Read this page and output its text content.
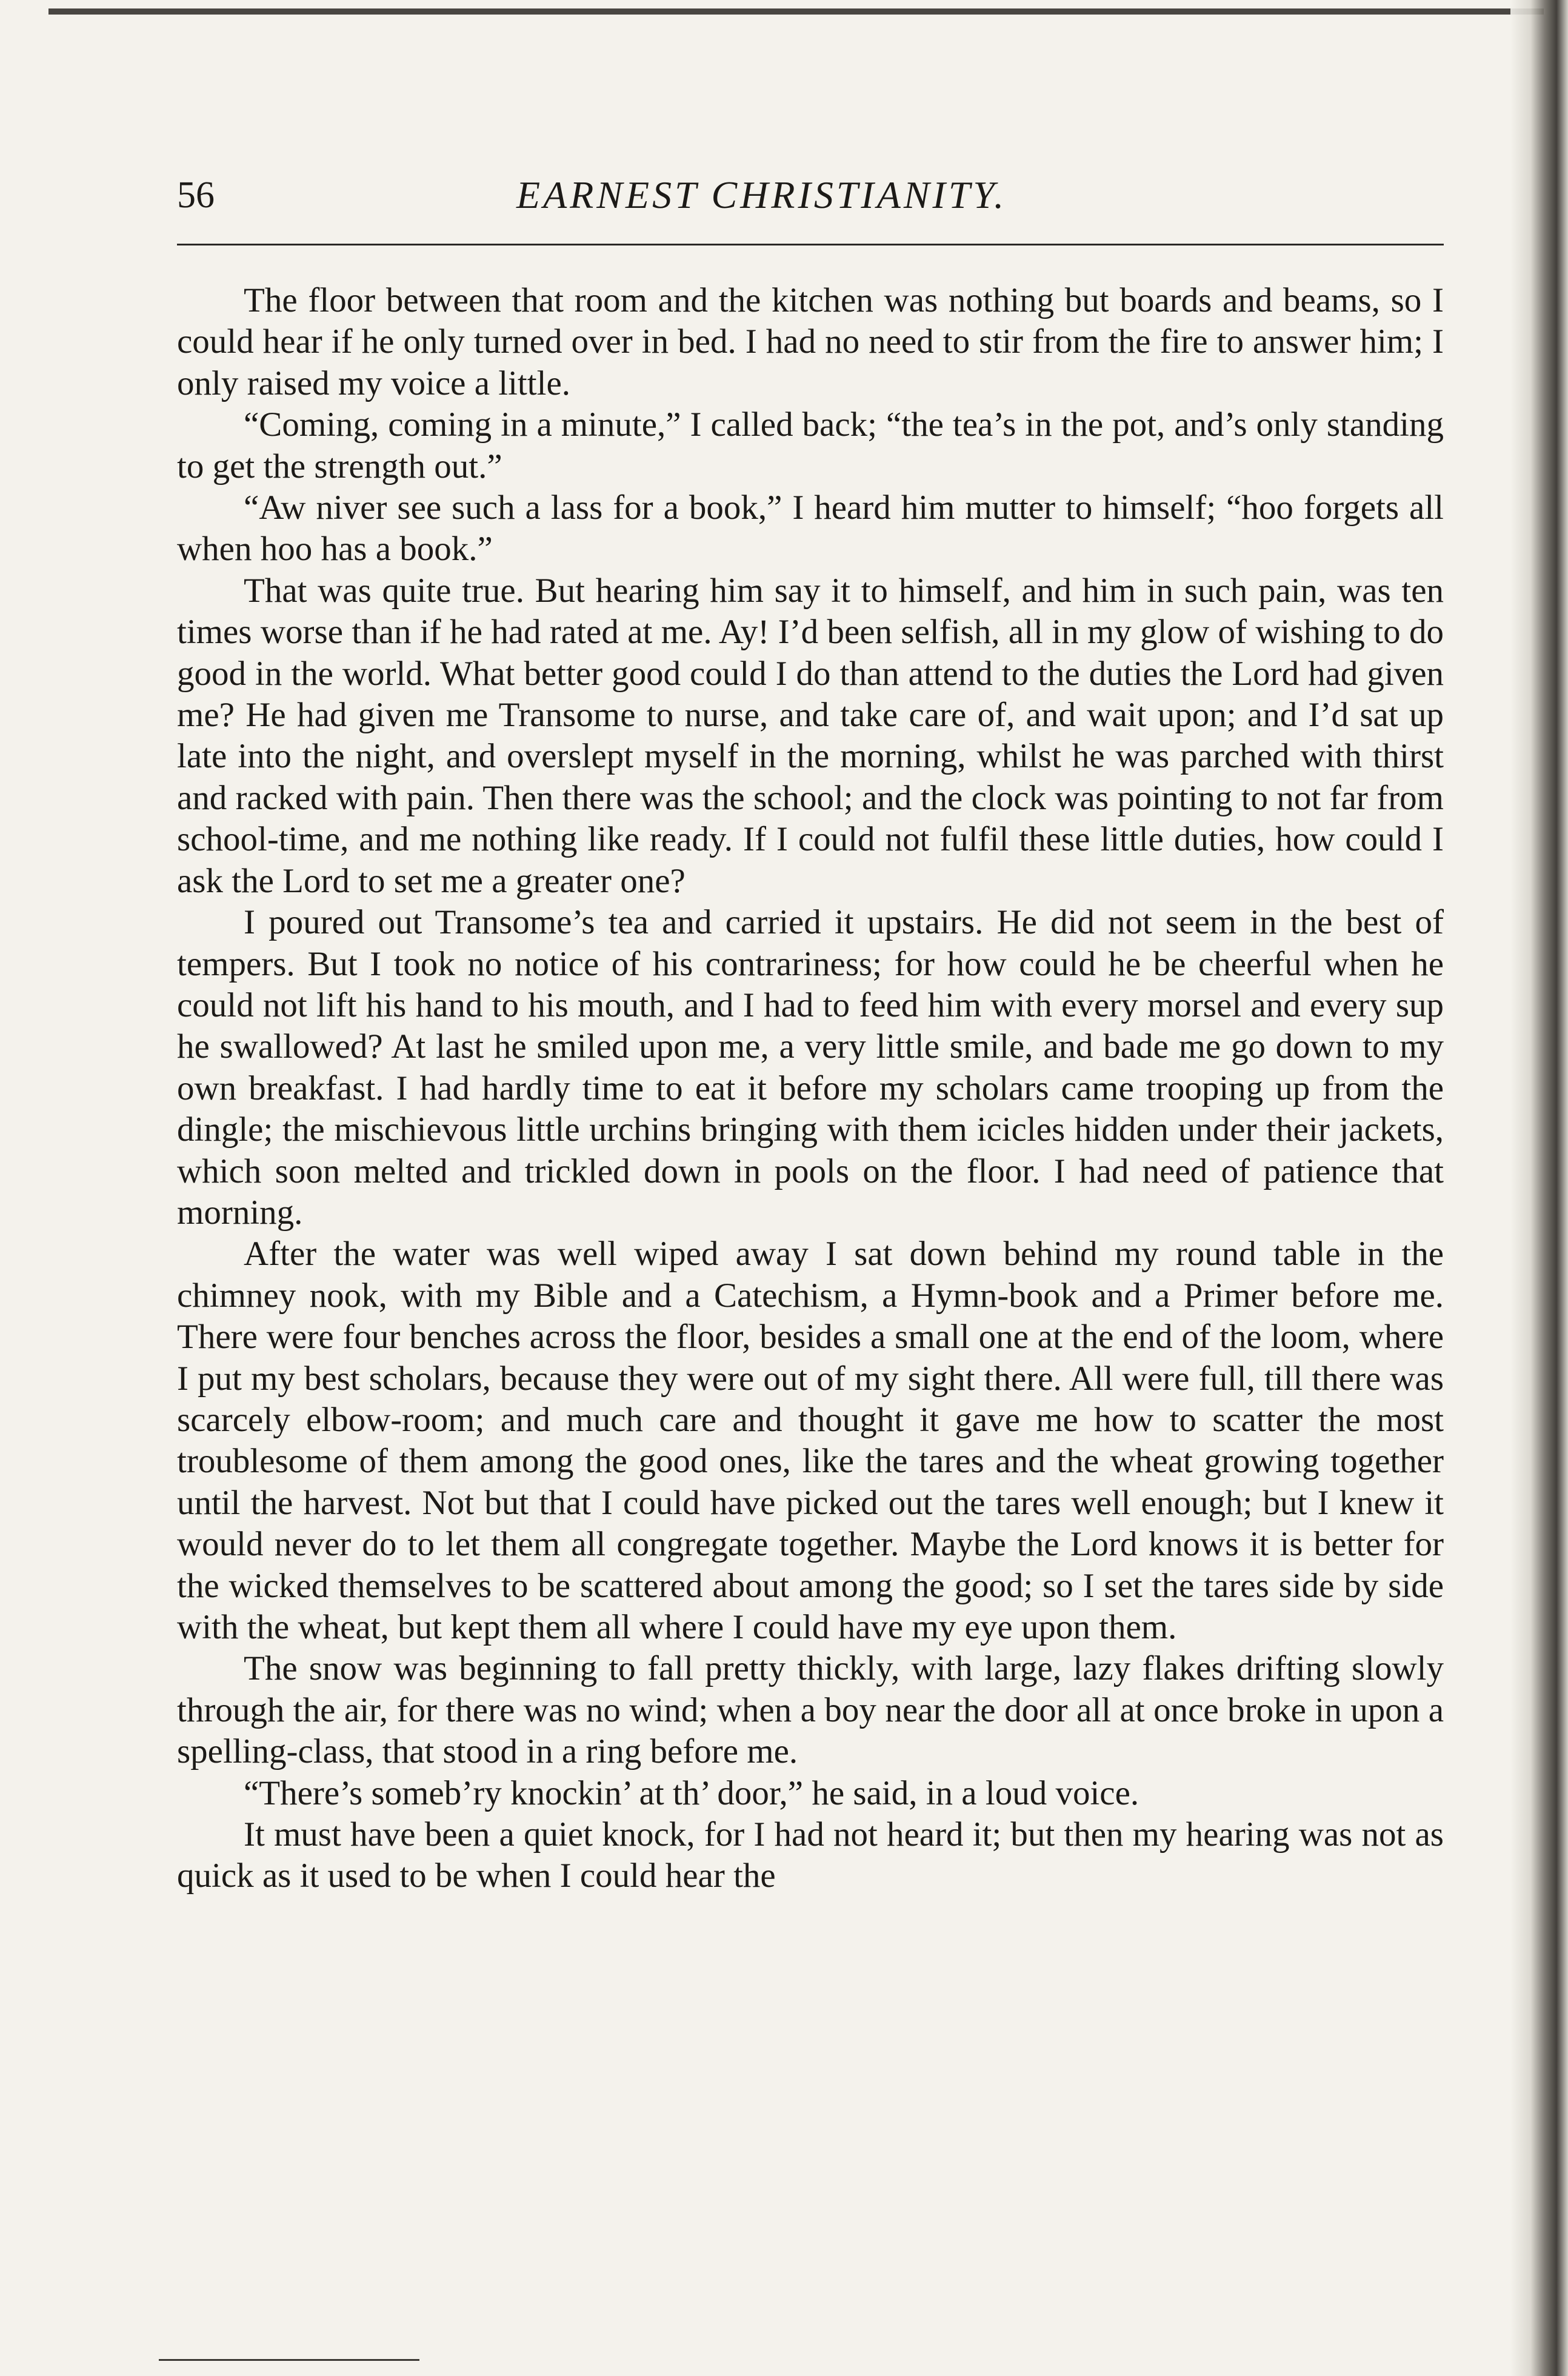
56	EARNEST CHRISTIANITY.

The floor between that room and the kitchen was nothing but boards and beams, so I could hear if he only turned over in bed. I had no need to stir from the fire to answer him; I only raised my voice a little.

“Coming, coming in a minute,” I called back; “the tea’s in the pot, and’s only standing to get the strength out.”

“Aw niver see such a lass for a book,” I heard him mutter to himself; “hoo forgets all when hoo has a book.”

That was quite true. But hearing him say it to himself, and him in such pain, was ten times worse than if he had rated at me. Ay! I’d been selfish, all in my glow of wishing to do good in the world. What better good could I do than attend to the duties the Lord had given me? He had given me Transome to nurse, and take care of, and wait upon; and I’d sat up late into the night, and overslept myself in the morning, whilst he was parched with thirst and racked with pain. Then there was the school; and the clock was pointing to not far from school-time, and me nothing like ready. If I could not fulfil these little duties, how could I ask the Lord to set me a greater one?

I poured out Transome’s tea and carried it upstairs. He did not seem in the best of tempers. But I took no notice of his contrariness; for how could he be cheerful when he could not lift his hand to his mouth, and I had to feed him with every morsel and every sup he swallowed? At last he smiled upon me, a very little smile, and bade me go down to my own breakfast. I had hardly time to eat it before my scholars came trooping up from the dingle; the mischievous little urchins bringing with them icicles hidden under their jackets, which soon melted and trickled down in pools on the floor. I had need of patience that morning.

After the water was well wiped away I sat down behind my round table in the chimney nook, with my Bible and a Catechism, a Hymn-book and a Primer before me. There were four benches across the floor, besides a small one at the end of the loom, where I put my best scholars, because they were out of my sight there. All were full, till there was scarcely elbow-room; and much care and thought it gave me how to scatter the most troublesome of them among the good ones, like the tares and the wheat growing together until the harvest. Not but that I could have picked out the tares well enough; but I knew it would never do to let them all congregate together. Maybe the Lord knows it is better for the wicked themselves to be scattered about among the good; so I set the tares side by side with the wheat, but kept them all where I could have my eye upon them.

The snow was beginning to fall pretty thickly, with large, lazy flakes drifting slowly through the air, for there was no wind; when a boy near the door all at once broke in upon a spelling-class, that stood in a ring before me.

“There’s someb’ry knockin’ at th’ door,” he said, in a loud voice.

It must have been a quiet knock, for I had not heard it; but then my hearing was not as quick as it used to be when I could hear the
